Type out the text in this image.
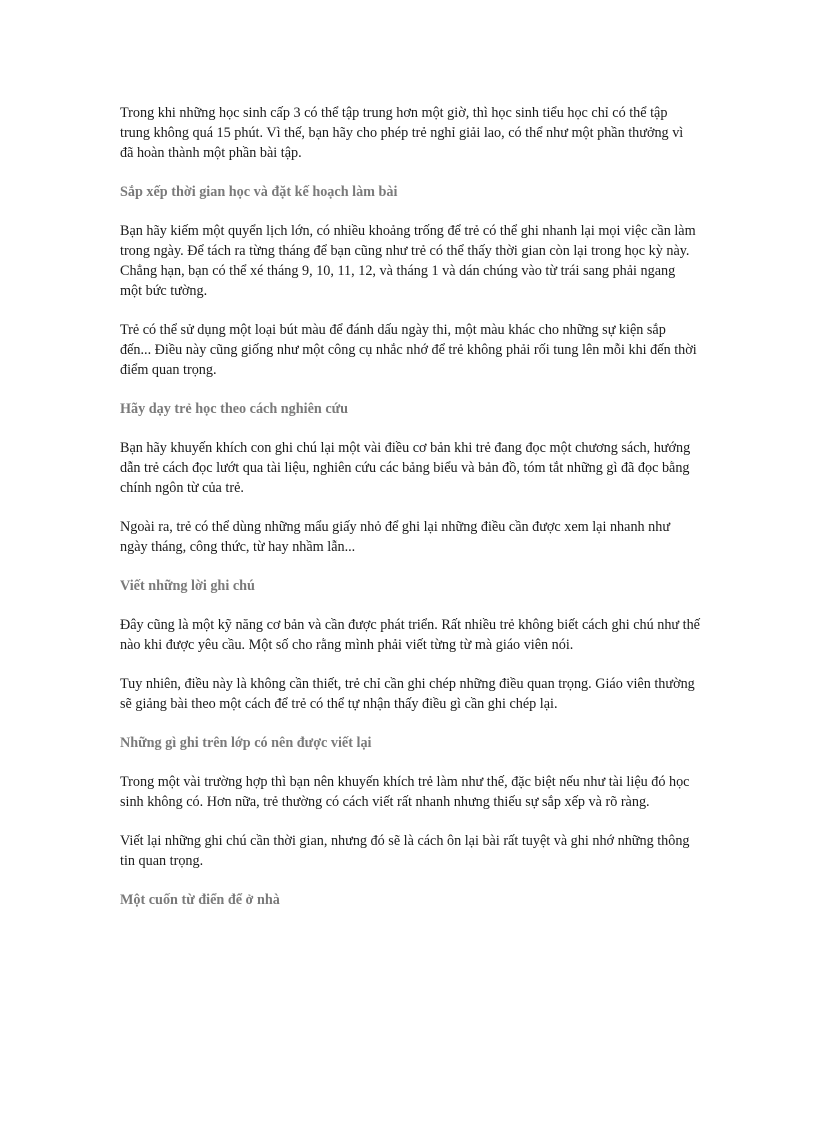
Trong khi những học sinh cấp 3 có thể tập trung hơn một giờ, thì học sinh tiểu học chỉ có thể tập trung không quá 15 phút. Vì thế, bạn hãy cho phép trẻ nghỉ giải lao, có thể như một phần thưởng vì đã hoàn thành một phần bài tập.

Sắp xếp thời gian học và đặt kế hoạch làm bài

Bạn hãy kiếm một quyển lịch lớn, có nhiều khoảng trống để trẻ có thể ghi nhanh lại mọi việc cần làm trong ngày. Để tách ra từng tháng để bạn cũng như trẻ có thể thấy thời gian còn lại trong học kỳ này. Chẳng hạn, bạn có thể xé tháng 9, 10, 11, 12, và tháng 1 và dán chúng vào từ trái sang phải ngang một bức tường.

Trẻ có thể sử dụng một loại bút màu để đánh dấu ngày thi, một màu khác cho những sự kiện sắp đến... Điều này cũng giống như một công cụ nhắc nhớ để trẻ không phải rối tung lên mỗi khi đến thời điểm quan trọng.

Hãy dạy trẻ học theo cách nghiên cứu

Bạn hãy khuyến khích con ghi chú lại một vài điều cơ bản khi trẻ đang đọc một chương sách, hướng dẫn trẻ cách đọc lướt qua tài liệu, nghiên cứu các bảng biểu và bản đồ, tóm tắt những gì đã đọc bằng chính ngôn từ của trẻ.

Ngoài ra, trẻ có thể dùng những mẩu giấy nhỏ để ghi lại những điều cần được xem lại nhanh như ngày tháng, công thức, từ hay nhầm lẫn...

Viết những lời ghi chú

Đây cũng là một kỹ năng cơ bản và cần được phát triển. Rất nhiều trẻ không biết cách ghi chú như thế nào khi được yêu cầu. Một số cho rằng mình phải viết từng từ mà giáo viên nói.

Tuy nhiên, điều này là không cần thiết, trẻ chỉ cần ghi chép những điều quan trọng. Giáo viên thường sẽ giảng bài theo một cách để trẻ có thể tự nhận thấy điều gì cần ghi chép lại.

Những gì ghi trên lớp có nên được viết lại

Trong một vài trường hợp thì bạn nên khuyến khích trẻ làm như thế, đặc biệt nếu như tài liệu đó học sinh không có. Hơn nữa, trẻ thường có cách viết rất nhanh nhưng thiếu sự sắp xếp và rõ ràng.

Viết lại những ghi chú cần thời gian, nhưng đó sẽ là cách ôn lại bài rất tuyệt và ghi nhớ những thông tin quan trọng.

Một cuốn từ điển để ở nhà
